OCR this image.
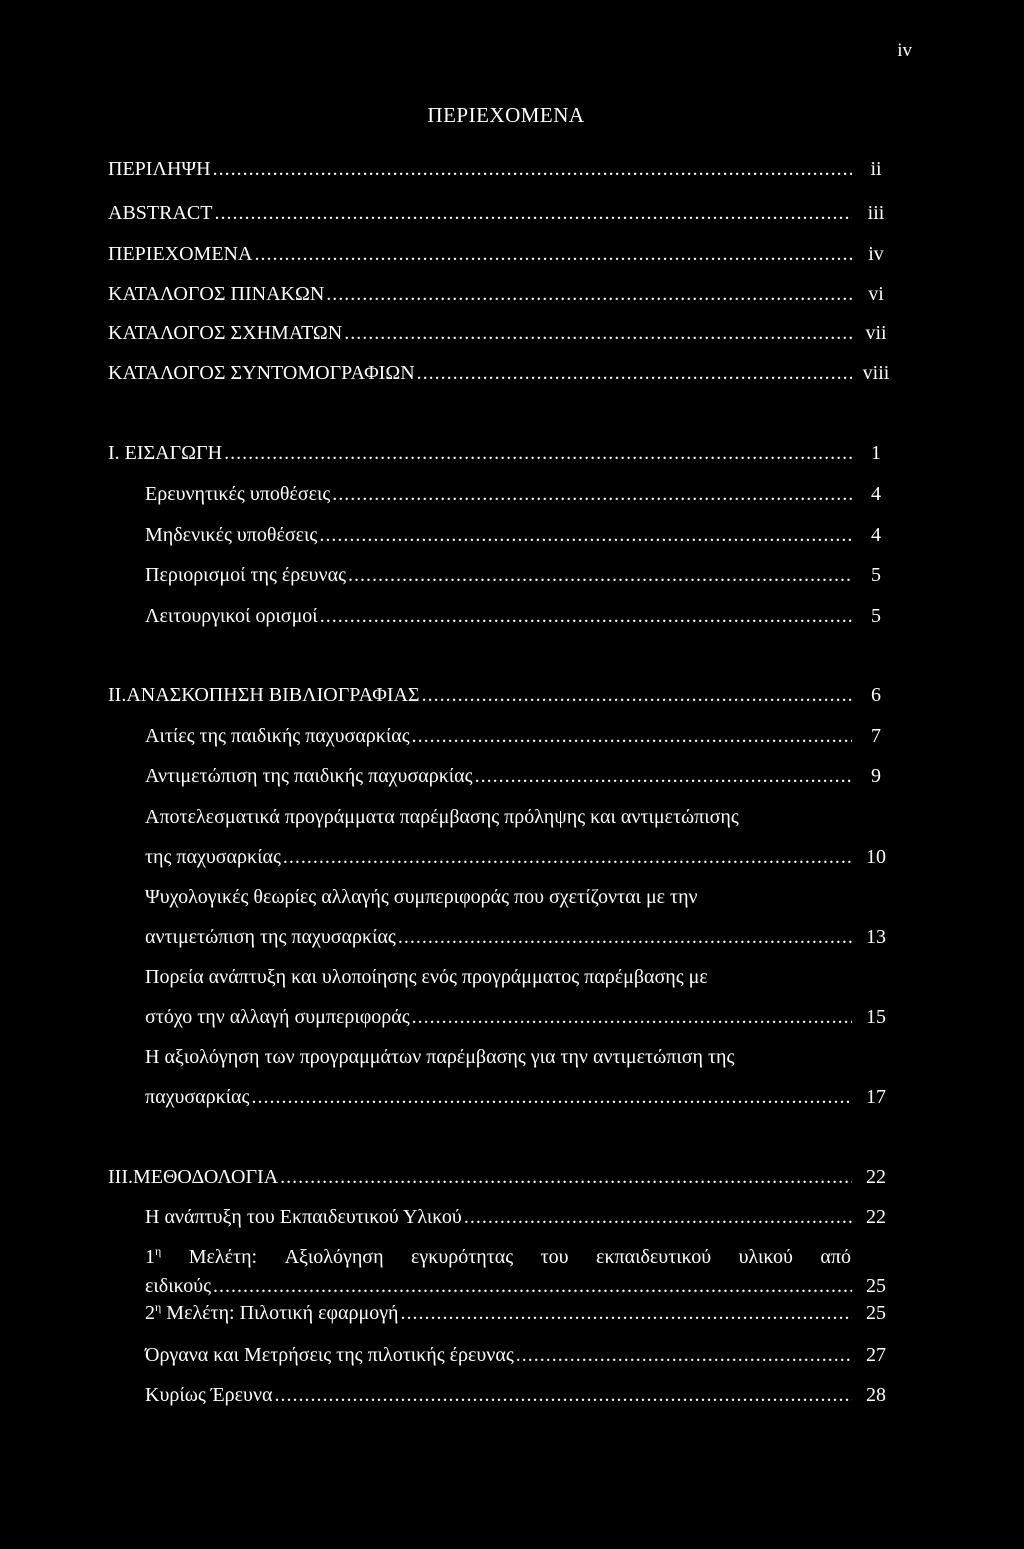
iv
ΠΕΡΙΕΧΟΜΕΝΑ
ΠΕΡΙΛΗΨΗ .....	ii
ABSTRACT .....	iii
ΠΕΡΙΕΧΟΜΕΝΑ .....	iv
ΚΑΤΑΛΟΓΟΣ ΠΙΝΑΚΩΝ .....	vi
ΚΑΤΑΛΟΓΟΣ ΣΧΗΜΑΤΩΝ .....	vii
ΚΑΤΑΛΟΓΟΣ ΣΥΝΤΟΜΟΓΡΑΦΙΩΝ .....	viii
Ι. ΕΙΣΑΓΩΓΗ .....	1
Ερευνητικές υποθέσεις .....	4
Μηδενικές υποθέσεις .....	4
Περιορισμοί της έρευνας .....	5
Λειτουργικοί ορισμοί .....	5
ΙΙ.ΑΝΑΣΚΟΠΗΣΗ ΒΙΒΛΙΟΓΡΑΦΙΑΣ .....	6
Αιτίες της παιδικής παχυσαρκίας .....	7
Αντιμετώπιση της παιδικής παχυσαρκίας .....	9
Αποτελεσματικά προγράμματα παρέμβασης πρόληψης και αντιμετώπισης
της παχυσαρκίας .....	10
Ψυχολογικές θεωρίες αλλαγής συμπεριφοράς που σχετίζονται με την
αντιμετώπιση της παχυσαρκίας .....	13
Πορεία ανάπτυξη και υλοποίησης ενός προγράμματος παρέμβασης με
στόχο την αλλαγή συμπεριφοράς .....	15
Η αξιολόγηση των προγραμμάτων παρέμβασης για την αντιμετώπιση της
παχυσαρκίας .....	17
ΙΙΙ.ΜΕΘΟΔΟΛΟΓΙΑ .....	22
Η ανάπτυξη του Εκπαιδευτικού Υλικού .....	22
$1^\eta$ Μελέτη: Αξιολόγηση εγκυρότητας του εκπαιδευτικού υλικού από
ειδικούς .....	25
$2^\eta$ Μελέτη: Πιλοτική εφαρμογή .....	25
Όργανα και Μετρήσεις της πιλοτικής έρευνας .....	27
Κυρίως Έρευνα .....	28
